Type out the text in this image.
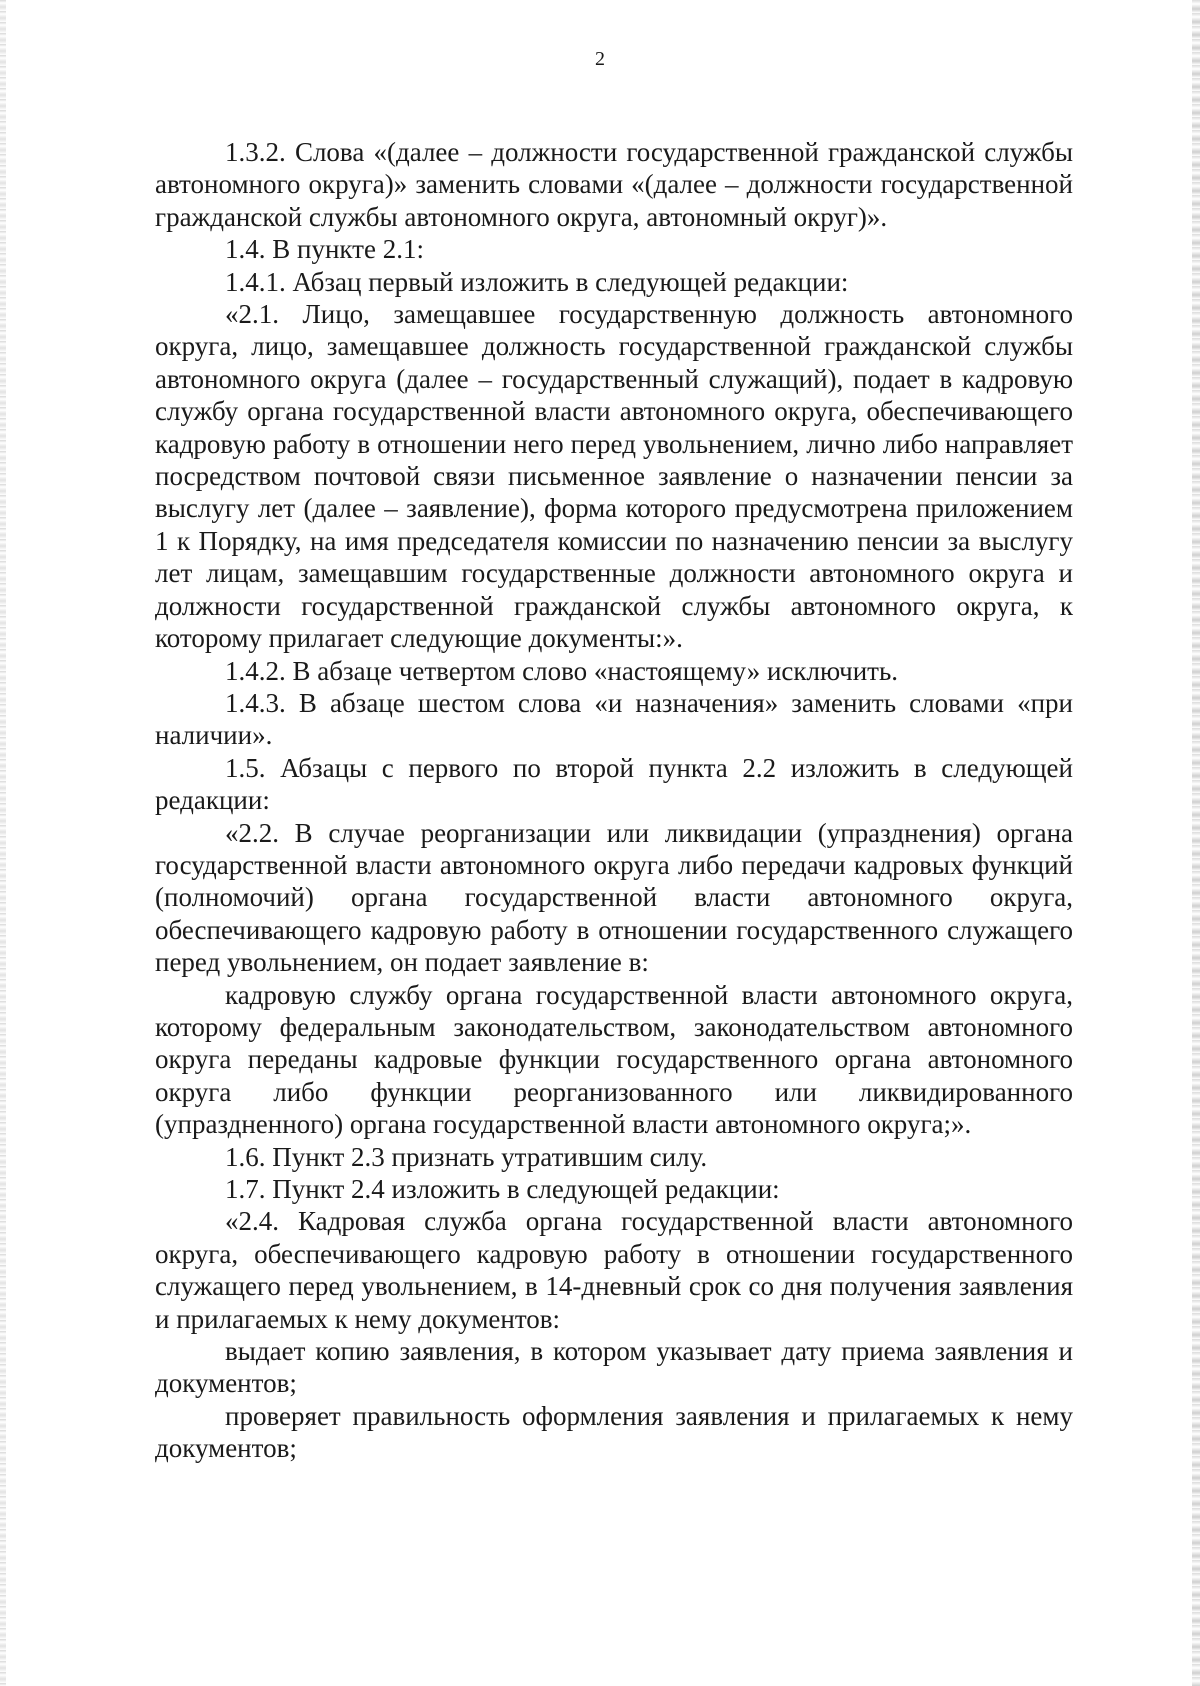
2

1.3.2. Слова «(далее – должности государственной гражданской службы автономного округа)» заменить словами «(далее – должности государственной гражданской службы автономного округа, автономный округ)».

1.4. В пункте 2.1:

1.4.1. Абзац первый изложить в следующей редакции:

«2.1. Лицо, замещавшее государственную должность автономного округа, лицо, замещавшее должность государственной гражданской службы автономного округа (далее – государственный служащий), подает в кадровую службу органа государственной власти автономного округа, обеспечивающего кадровую работу в отношении него перед увольнением, лично либо направляет посредством почтовой связи письменное заявление о назначении пенсии за выслугу лет (далее – заявление), форма которого предусмотрена приложением 1 к Порядку, на имя председателя комиссии по назначению пенсии за выслугу лет лицам, замещавшим государственные должности автономного округа и должности государственной гражданской службы автономного округа, к которому прилагает следующие документы:».

1.4.2. В абзаце четвертом слово «настоящему» исключить.

1.4.3. В абзаце шестом слова «и назначения» заменить словами «при наличии».

1.5. Абзацы с первого по второй пункта 2.2 изложить в следующей редакции:

«2.2. В случае реорганизации или ликвидации (упразднения) органа государственной власти автономного округа либо передачи кадровых функций (полномочий) органа государственной власти автономного округа, обеспечивающего кадровую работу в отношении государственного служащего перед увольнением, он подает заявление в:

кадровую службу органа государственной власти автономного округа, которому федеральным законодательством, законодательством автономного округа переданы кадровые функции государственного органа автономного округа либо функции реорганизованного или ликвидированного (упраздненного) органа государственной власти автономного округа;».

1.6. Пункт 2.3 признать утратившим силу.

1.7. Пункт 2.4 изложить в следующей редакции:

«2.4. Кадровая служба органа государственной власти автономного округа, обеспечивающего кадровую работу в отношении государственного служащего перед увольнением, в 14-дневный срок со дня получения заявления и прилагаемых к нему документов:

выдает копию заявления, в котором указывает дату приема заявления и документов;

проверяет правильность оформления заявления и прилагаемых к нему документов;
